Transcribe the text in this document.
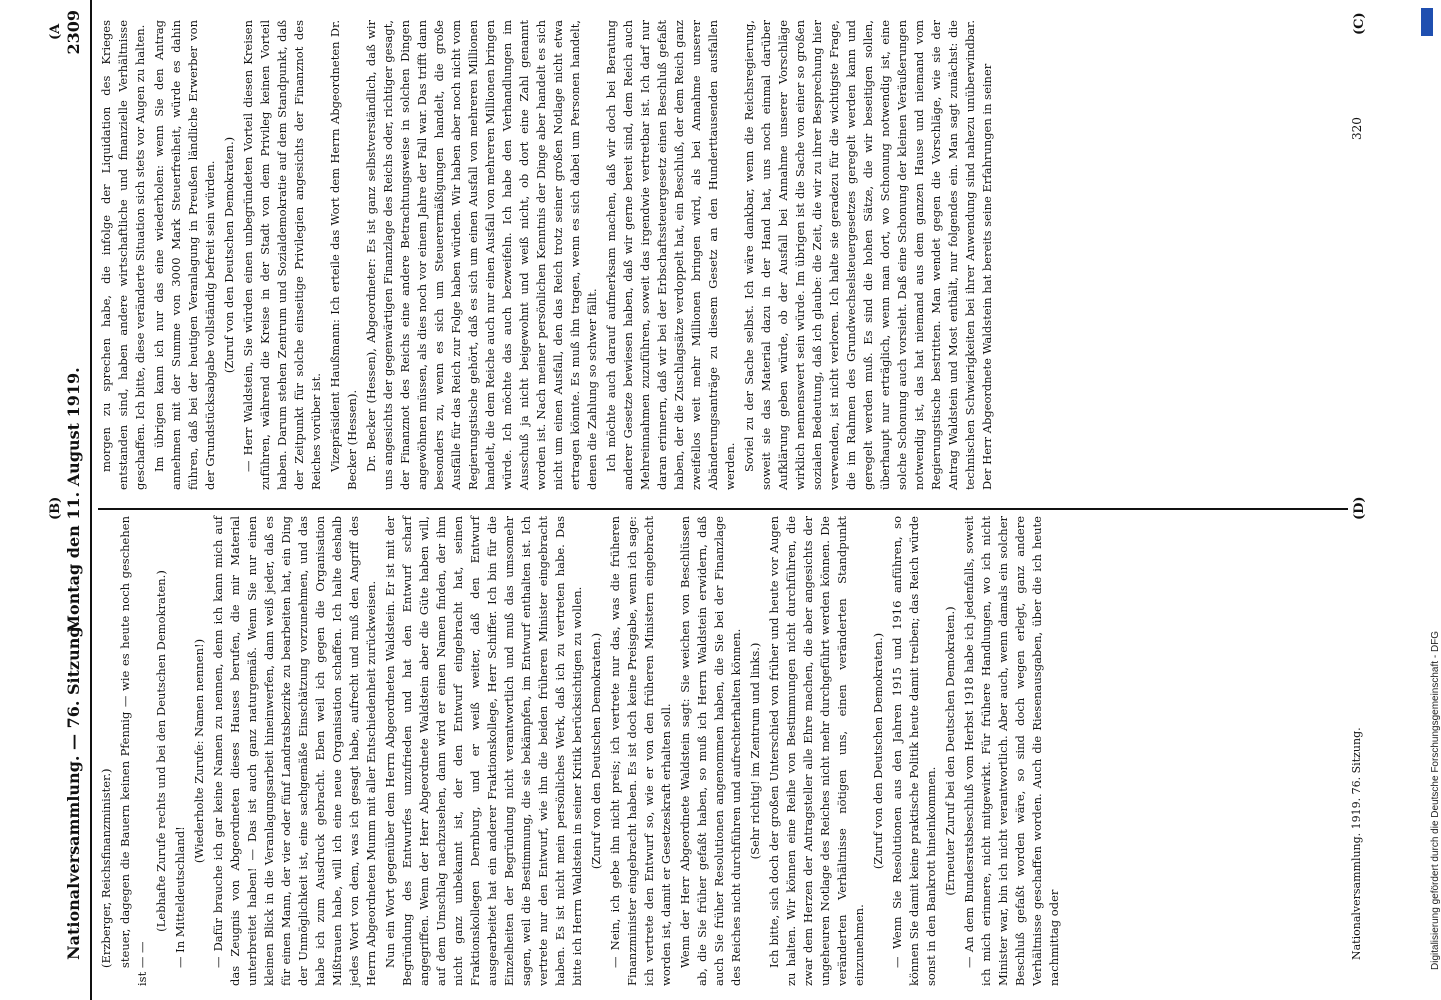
Nationalversammlung. — 76. Sitzung.
Montag den 11. August 1919.
2309

(Erzberger, Reichsfinanzminister.) steuer, dagegen die Bauern keinen Pfennig — wie es heute noch geschehen ist — —

(Lebhafte Zurufe rechts und bei den Deutschen Demokraten.) — In Mitteldeutschland!

(Wiederholte Zurufe: Namen nennen!) — Dafür brauche ich gar keine Namen zu nennen, denn ich kann mich auf das Zeugnis von Abgeordneten dieses Hauses berufen, die mir Material unterbreitet haben! — Das ist auch ganz naturgemäß. Wenn Sie nur einen kleinen Blick in die Veranlagungsarbeit hineinwerfen, dann weiß jeder, daß es für einen Mann, der vier oder fünf Landratsbezirke zu bearbeiten hat, ein Ding der Unmöglichkeit ist, eine sachgemäße Einschätzung vorzunehmen, und das habe ich zum Ausdruck gebracht. Eben weil ich gegen die Organisation Mißtrauen habe, will ich eine neue Organisation schaffen. Ich halte deshalb jedes Wort von dem, was ich gesagt habe, aufrecht und muß den Angriff des Herrn Abgeordneten Mumm mit aller Entschiedenheit zurückweisen. Nun ein Wort gegenüber dem Herrn Abgeordneten Waldstein. Er ist mit der Begründung des Entwurfes unzufrieden und hat den Entwurf scharf angegriffen. Wenn der Herr Abgeordnete Waldstein aber die Güte haben will, auf dem Umschlag nachzusehen, dann wird er einen Namen finden, der ihm nicht ganz unbekannt ist, der den Entwurf eingebracht hat, seinen Fraktionskollegen Dernburg, und er weiß weiter, daß den Entwurf ausgearbeitet hat ein anderer Fraktionskollege, Herr Schiffer. Ich bin für die Einzelheiten der Begründung nicht verantwortlich und muß das umsomehr sagen, weil die Bestimmung, die sie bekämpfen, im Entwurf enthalten ist. Ich vertrete nur den Entwurf, wie ihn die beiden früheren Minister eingebracht haben. Es ist nicht mein persönliches Werk, daß ich zu vertreten habe. Das bitte ich Herrn Waldstein in seiner Kritik berücksichtigen zu wollen. (Zuruf von den Deutschen Demokraten.) — Nein, ich gebe ihn nicht preis; ich vertrete nur das, was die früheren Finanzminister eingebracht haben. Es ist doch keine Preisgabe, wenn ich sage: ich vertrete den Entwurf so, wie er von den früheren Ministern eingebracht worden ist, damit er Gesetzeskraft erhalten soll. Wenn der Herr Abgeordnete Waldstein sagt: Sie weichen von Beschlüssen ab, die Sie früher gefaßt haben, so muß ich Herrn Waldstein erwidern, daß auch Sie früher Resolutionen angenommen haben, die Sie bei der Finanzlage des Reiches nicht durchführen und aufrechterhalten können. (Sehr richtig! im Zentrum und links.) Ich bitte, sich doch der großen Unterschied von früher und heute vor Augen zu halten. Wir können eine Reihe von Bestimmungen nicht durchführen, die zwar dem Herzen der Antragsteller alle Ehre machen, die aber angesichts der ungeheuren Notlage des Reiches nicht mehr durchgeführt werden können. Die veränderten Verhältnisse nötigen uns, einen veränderten Standpunkt einzunehmen.

(Zuruf von den Deutschen Demokraten.) — Wenn Sie Resolutionen aus den Jahren 1915 und 1916 anführen, so können Sie damit keine praktische Politik heute damit treiben; das Reich würde sonst in den Bankrott hineinkommen. (Erneuter Zuruf bei den Deutschen Demokraten.) — An dem Bundesratsbeschluß vom Herbst 1918 habe ich jedenfalls, soweit ich mich erinnere, nicht mitgewirkt. Für frühere Handlungen, wo ich nicht Minister war, bin ich nicht verantwortlich. Aber auch, wenn damals ein solcher Beschluß gefaßt worden wäre, so sind doch wegen erlegt, ganz andere Verhältnisse geschaffen worden. Auch die Riesenausgaben, über die ich heute nachmittag oder

morgen zu sprechen habe, die infolge der Liquidation des Krieges entstanden sind, haben andere wirtschaftliche und finanzielle Verhältnisse geschaffen. Ich bitte, diese veränderte Situation sich stets vor Augen zu halten. Im übrigen kann ich nur das eine wiederholen: wenn Sie den Antrag annehmen mit der Summe von 3000 Mark Steuerfreiheit, würde es dahin führen, daß bei der heutigen Veranlagung in Preußen ländliche Erwerber von der Grundstücksabgabe vollständig befreit sein würden. (Zuruf von den Deutschen Demokraten.) — Herr Waldstein, Sie würden einen unbegründeten Vorteil diesen Kreisen zuführen, während die Kreise in der Stadt von dem Privileg keinen Vorteil haben. Darum stehen Zentrum und Sozialdemokratie auf dem Standpunkt, daß der Zeitpunkt für solche einseitige Privilegien angesichts der Finanznot des Reiches vorüber ist. Vizepräsident Haußmann: Ich erteile das Wort dem Herrn Abgeordneten Dr. Becker (Hessen). Dr. Becker (Hessen), Abgeordneter: Es ist ganz selbstverständlich, daß wir uns angesichts der gegenwärtigen Finanzlage des Reichs oder, richtiger gesagt, der Finanznot des Reichs eine andere Betrachtungsweise in solchen Dingen angewöhnen müssen, als dies noch vor einem Jahre der Fall war. Das trifft dann besonders zu, wenn es sich um Steuerermäßigungen handelt, die große Ausfälle für das Reich zur Folge haben würden. Wir haben aber noch nicht vom Regierungstische gehört, daß es sich um einen Ausfall von mehreren Millionen handelt, die dem Reiche auch nur einen Ausfall von mehreren Millionen bringen würde. Ich möchte das auch bezweifeln. Ich habe den Verhandlungen im Ausschuß ja nicht beigewohnt und weiß nicht, ob dort eine Zahl genannt worden ist. Nach meiner persönlichen Kenntnis der Dinge aber handelt es sich nicht um einen Ausfall, den das Reich trotz seiner großen Notlage nicht etwa ertragen könnte. Es muß ihn tragen, wenn es sich dabei um Personen handelt, denen die Zahlung so schwer fällt. Ich möchte auch darauf aufmerksam machen, daß wir doch bei Beratung anderer Gesetze bewiesen haben, daß wir gerne bereit sind, dem Reich auch Mehreinnahmen zuzuführen, soweit das irgendwie vertretbar ist. Ich darf nur daran erinnern, daß wir bei der Erbschaftssteuergesetz einen Beschluß gefaßt haben, der die Zuschlagsätze verdoppelt hat, ein Beschluß, der dem Reich ganz zweifellos weit mehr Millionen bringen wird, als bei Annahme unserer Abänderungsanträge zu diesem Gesetz an den Hunderttausenden ausfallen werden. Soviel zu der Sache selbst. Ich wäre dankbar, wenn die Reichsregierung, soweit sie das Material dazu in der Hand hat, uns noch einmal darüber Aufklärung geben würde, ob der Ausfall bei Annahme unserer Vorschläge wirklich nennenswert sein würde. Im übrigen ist die Sache von einer so großen sozialen Bedeutung, daß ich glaube: die Zeit, die wir zu ihrer Besprechung hier verwenden, ist nicht verloren. Ich halte sie geradezu für die wichtigste Frage, die im Rahmen des Grundwechselsteuergesetzes geregelt werden kann und geregelt werden muß. Es sind die hohen Sätze, die wir beseitigen sollen, überhaupt nur erträglich, wenn man dort, wo Schonung notwendig ist, eine solche Schonung auch vorsieht. Daß eine Schonung der kleinen Veräußerungen notwendig ist, das hat niemand aus dem ganzen Hause und niemand vom Regierungstische bestritten. Man wendet gegen die Vorschläge, wie sie der Antrag Waldstein und Most enthält, nur folgendes ein. Man sagt zunächst: die technischen Schwierigkeiten bei ihrer Anwendung sind nahezu unüberwindbar. Der Herr Abgeordnete Waldstein hat bereits seine Erfahrungen in seiner

(A
(B)
(C)
(D)
Nationalversammlung. 1919. 76. Sitzung.
320
Digitalisierung gefördert durch die Deutsche Forschungsgemeinschaft - DFG
